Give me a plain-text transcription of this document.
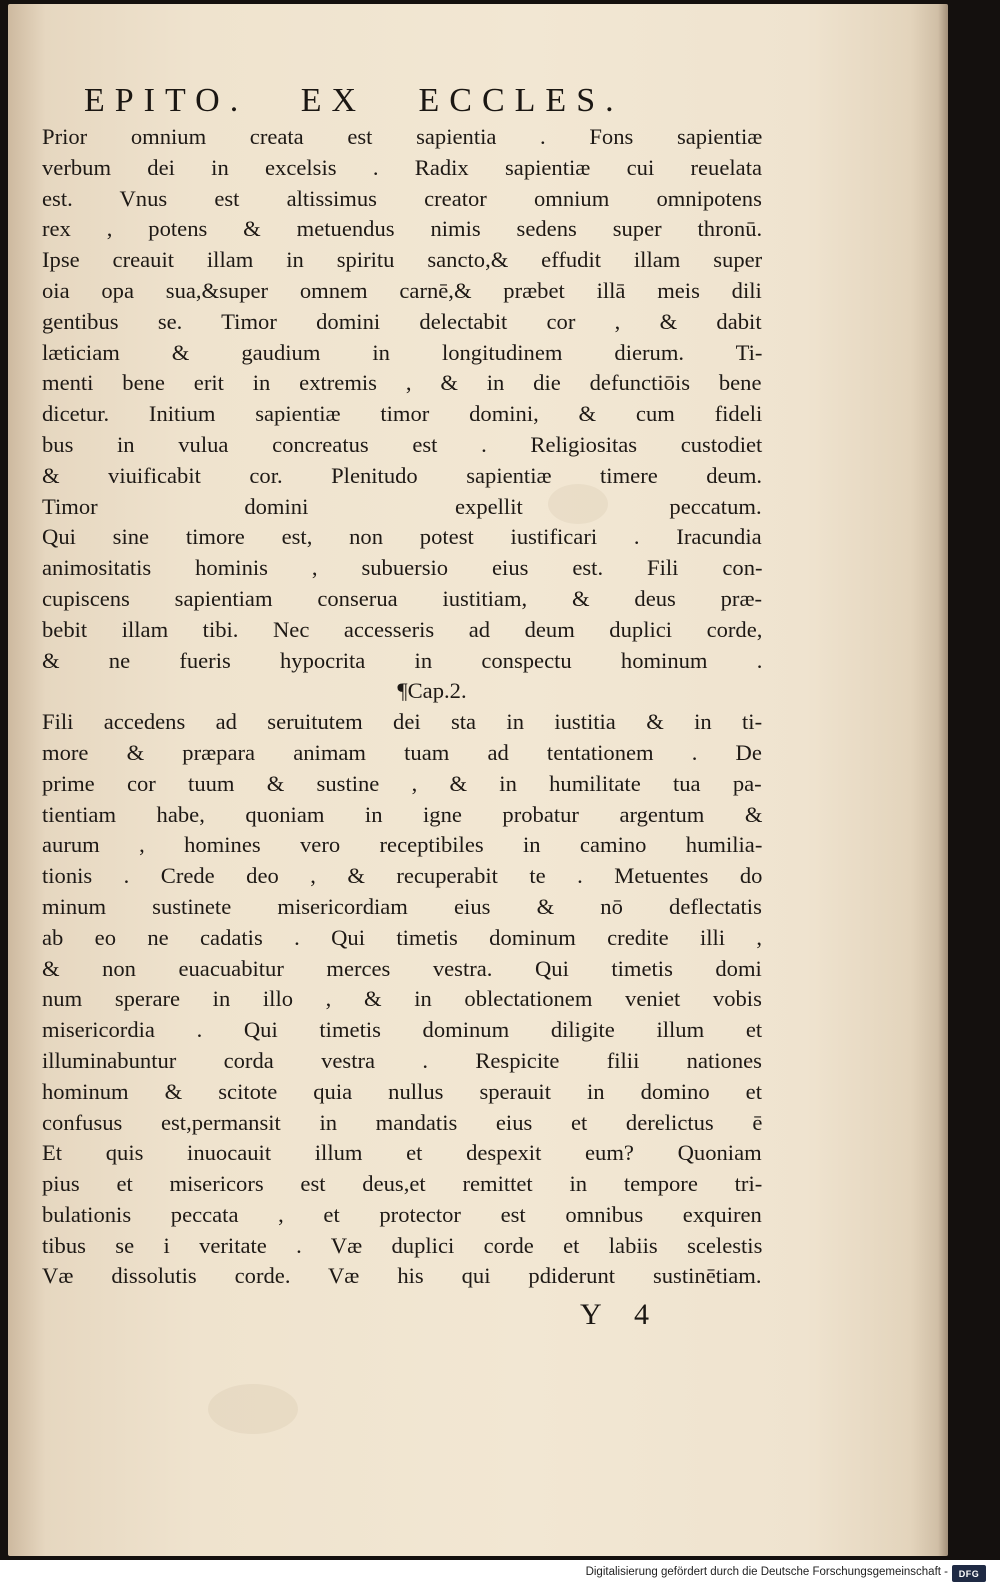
EPITO. EX ECCLES.
Prior omnium creata est sapientia . Fons sapientiæ
verbum dei in excelsis . Radix sapientiæ cui reuelata
est. Vnus est altissimus creator omnium omnipotens
rex , potens & metuendus nimis sedens super thronū.
Ipse creauit illam in spiritu sancto,& effudit illam super
oia opa sua,&super omnem carnē,& præbet illā meis dili
gentibus se. Timor domini delectabit cor , & dabit
læticiam & gaudium in longitudinem dierum. Ti-
menti bene erit in extremis , & in die defunctiōis bene
dicetur. Initium sapientiæ timor domini, & cum fideli
bus in vulua concreatus est . Religiositas custodiet
& viuificabit cor. Plenitudo sapientiæ timere deum.
Timor domini expellit peccatum.
Qui sine timore est, non potest iustificari . Iracundia
animositatis hominis , subuersio eius est. Fili con-
cupiscens sapientiam conserua iustitiam, & deus præ-
bebit illam tibi. Nec accesseris ad deum duplici corde,
& ne fueris hypocrita in conspectu hominum .
¶Cap.2.
Fili accedens ad seruitutem dei sta in iustitia & in ti-
more & præpara animam tuam ad tentationem . De
prime cor tuum & sustine , & in humilitate tua pa-
tientiam habe, quoniam in igne probatur argentum &
aurum , homines vero receptibiles in camino humilia-
tionis . Crede deo , & recuperabit te . Metuentes do
minum sustinete misericordiam eius & nō deflectatis
ab eo ne cadatis . Qui timetis dominum credite illi ,
& non euacuabitur merces vestra. Qui timetis domi
num sperare in illo , & in oblectationem veniet vobis
misericordia . Qui timetis dominum diligite illum et
illuminabuntur corda vestra . Respicite filii nationes
hominum & scitote quia nullus sperauit in domino et
confusus est,permansit in mandatis eius et derelictus ē
Et quis inuocauit illum et despexit eum? Quoniam
pius et misericors est deus,et remittet in tempore tri-
bulationis peccata , et protector est omnibus exquiren
tibus se i veritate . Væ duplici corde et labiis scelestis
Væ dissolutis corde. Væ his qui pdiderunt sustinētiam.
Y 4
Digitalisierung gefördert durch die Deutsche Forschungsgemeinschaft -	DFG
